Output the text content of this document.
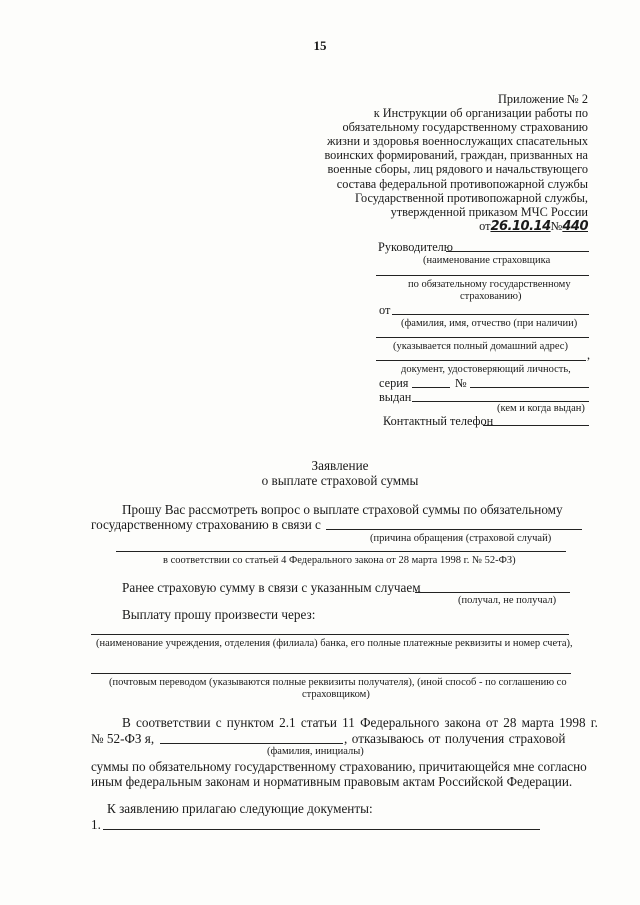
15
Приложение № 2
к Инструкции об организации работы по
обязательному государственному страхованию
жизни и здоровья военнослужащих спасательных
воинских формирований, граждан, призванных на
военные сборы, лиц рядового и начальствующего
состава федеральной противопожарной службы
Государственной противопожарной службы,
утвержденной приказом МЧС России
от26.10.14№440
Руководителю
(наименование страховщика
по обязательному государственному
страхованию)
от
(фамилия, имя, отчество (при наличии)
(указывается полный домашний адрес)
,
документ, удостоверяющий личность,
серия	№
выдан
(кем и когда выдан)
Контактный телефон
Заявление
о выплате страховой суммы
Прошу Вас рассмотреть вопрос о выплате страховой суммы по обязательному
государственному страхованию в связи с
(причина обращения (страховой случай)
в соответствии со статьей 4 Федерального закона от 28 марта 1998 г. № 52-ФЗ)
Ранее страховую сумму в связи с указанным случаем
(получал, не получал)
Выплату прошу произвести через:
(наименование учреждения, отделения (филиала) банка, его полные платежные реквизиты и номер счета),
(почтовым переводом (указываются полные реквизиты получателя), (иной способ - по соглашению со
страховщиком)
В соответствии с пунктом 2.1 статьи 11 Федерального закона от 28 марта 1998 г.
№ 52-ФЗ я,	, отказываюсь от получения страховой
(фамилия, инициалы)
суммы по обязательному государственному страхованию, причитающейся мне согласно
иным федеральным законам и нормативным правовым актам Российской Федерации.
К заявлению прилагаю следующие документы:
1.
